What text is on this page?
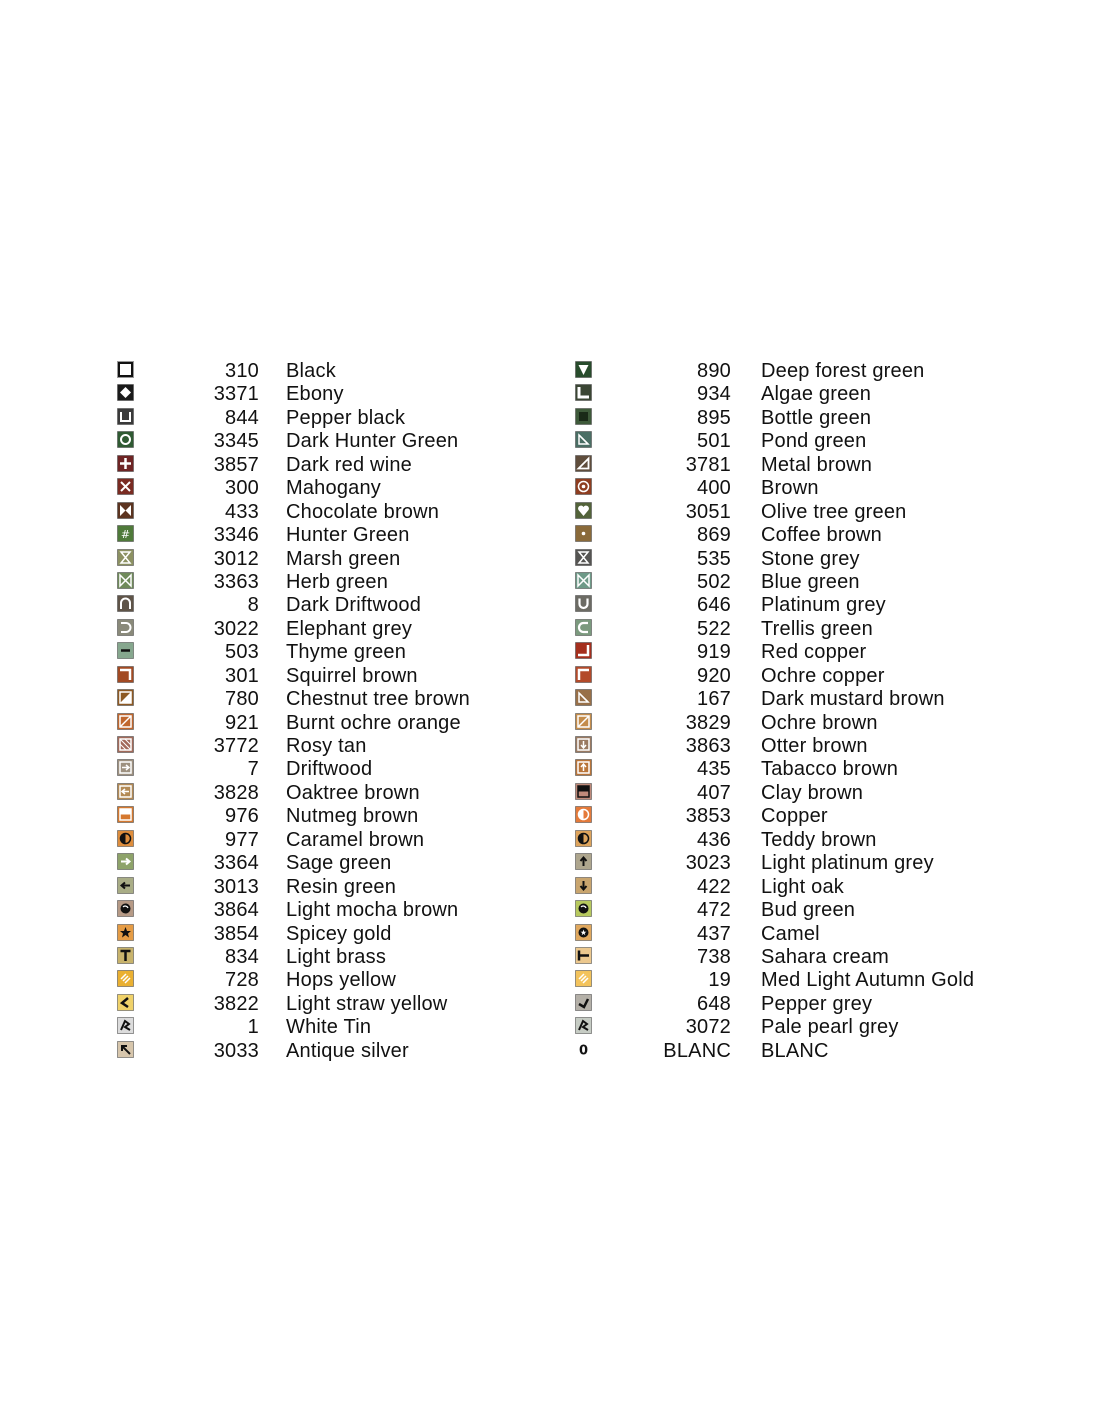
310 Black
3371 Ebony
844 Pepper black
3345 Dark Hunter Green
3857 Dark red wine
300 Mahogany
433 Chocolate brown
#	3346 Hunter Green
3012 Marsh green
3363 Herb green
8 Dark Driftwood
3022 Elephant grey
503 Thyme green
301 Squirrel brown
780 Chestnut tree brown
921 Burnt ochre orange
3772 Rosy tan
7 Driftwood
3828 Oaktree brown
976 Nutmeg brown
977 Caramel brown
3364 Sage green
3013 Resin green
3864 Light mocha brown
3854 Spicey gold
834 Light brass
728 Hops yellow
3822 Light straw yellow
1 White Tin
3033 Antique silver
890 Deep forest green
934 Algae green
895 Bottle green
501 Pond green
3781 Metal brown
400 Brown
3051 Olive tree green
869 Coffee brown
535 Stone grey
502 Blue green
646 Platinum grey
522 Trellis green
919 Red copper
920 Ochre copper
167 Dark mustard brown
3829 Ochre brown
3863 Otter brown
435 Tabacco brown
407 Clay brown
3853 Copper
436 Teddy brown
3023 Light platinum grey
422 Light oak
472 Bud green
437 Camel
738 Sahara cream
19 Med Light Autumn Gold
648 Pepper grey
3072 Pale pearl grey
0	BLANC BLANC
